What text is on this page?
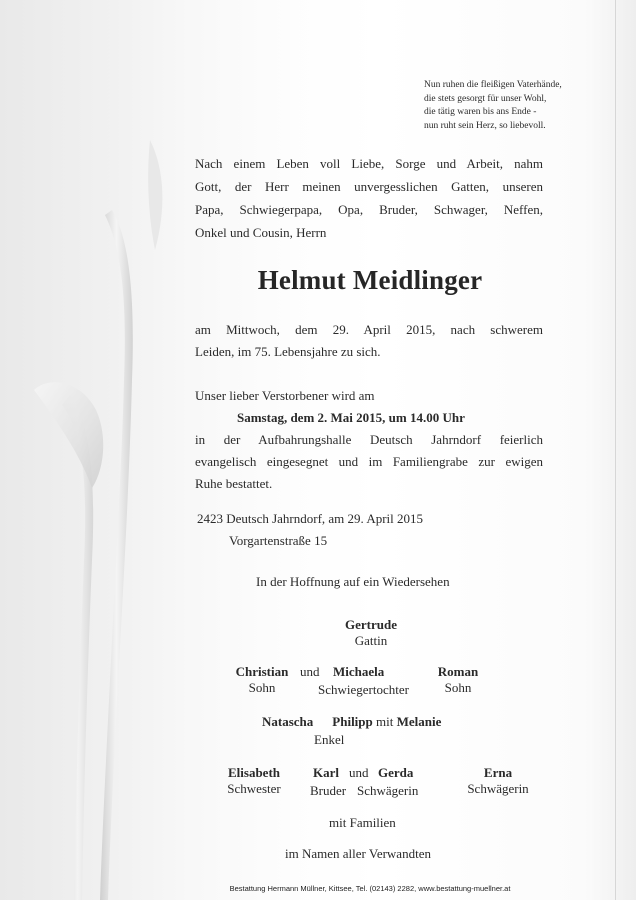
Nun ruhen die fleißigen Vaterhände,
die stets gesorgt für unser Wohl,
die tätig waren bis ans Ende -
nun ruht sein Herz, so liebevoll.
Nach einem Leben voll Liebe, Sorge und Arbeit, nahm
Gott, der Herr meinen unvergesslichen Gatten, unseren
Papa, Schwiegerpapa, Opa, Bruder, Schwager, Neffen,
Onkel und Cousin, Herrn
Helmut Meidlinger
am Mittwoch, dem 29. April 2015, nach schwerem
Leiden, im 75. Lebensjahre zu sich.
Unser lieber Verstorbener wird am
Samstag, dem 2. Mai 2015, um 14.00 Uhr
in der Aufbahrungshalle Deutsch Jahrndorf feierlich
evangelisch eingesegnet und im Familiengrabe zur ewigen
Ruhe bestattet.
2423 Deutsch Jahrndorf, am 29. April 2015
Vorgartenstraße 15
In der Hoffnung auf ein Wiedersehen
Gertrude
Gattin
Christian
Sohn
und Michaela
Schwiegertochter
Roman
Sohn
Natascha Philipp mit Melanie
Enkel
Elisabeth
Schwester
Karl
Bruder
und Gerda
Schwägerin
Erna
Schwägerin
mit Familien
im Namen aller Verwandten
Bestattung Hermann Müllner, Kittsee, Tel. (02143) 2282, www.bestattung-muellner.at
